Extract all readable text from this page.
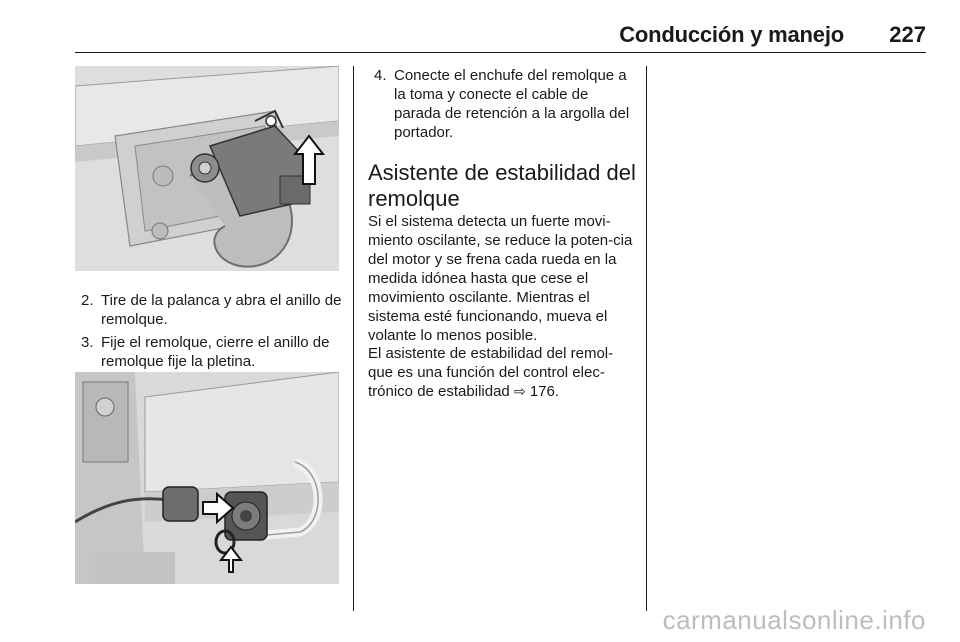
Conducción y manejo 227
2. Tire de la palanca y abra el anillo de remolque.
3. Fije el remolque, cierre el anillo de remolque fije la pletina.
4. Conecte el enchufe del remolque a la toma y conecte el cable de parada de retención a la argolla del portador.
Asistente de estabilidad del remolque
Si el sistema detecta un fuerte movi-miento oscilante, se reduce la poten-cia del motor y se frena cada rueda en la medida idónea hasta que cese el movimiento oscilante. Mientras el sistema esté funcionando, mueva el volante lo menos posible.
El asistente de estabilidad del remol-que es una función del control elec-trónico de estabilidad ⇨ 176.
carmanualsonline.info
